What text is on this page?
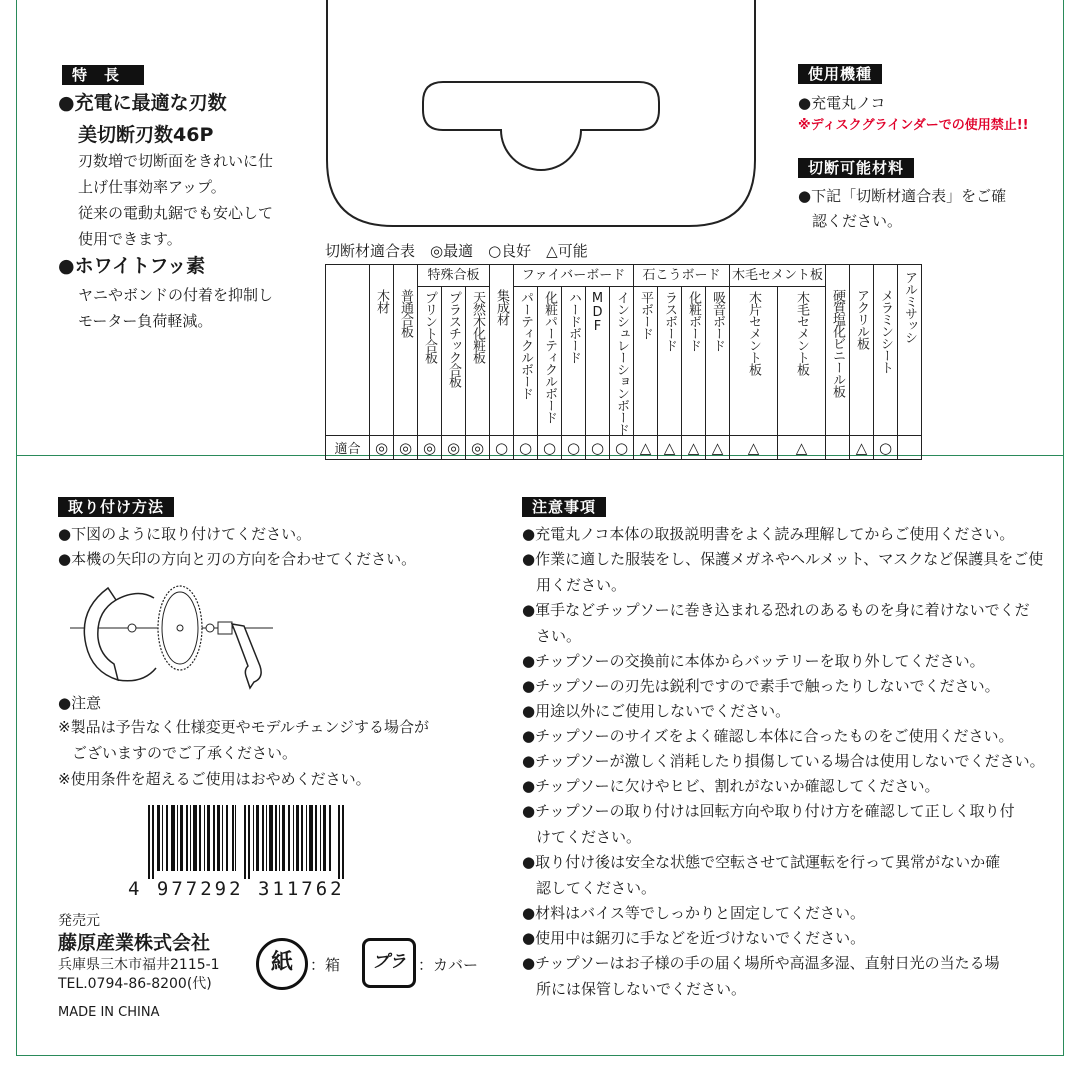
特　長
●充電に最適な刃数
美切断刃数46P
刃数増で切断面をきれいに仕
上げ仕事効率アップ。
従来の電動丸鋸でも安心して
使用できます。
●ホワイトフッ素
ヤニやボンドの付着を抑制し
モーター負荷軽減。
使用機種
●充電丸ノコ
※ディスクグラインダーでの使用禁止!!
切断可能材料
●下記「切断材適合表」をご確
認ください。
切断材適合表　◎最適　○良好　△可能

	木材	普通合板	特殊合板			集成材	ファイバーボード					石こうボード				木毛セメント板		硬質塩化ビニール板	アクリル板	メラミンシート	アルミサッシ

			プリント合板	プラスチック合板	天然木化粧板		パーティクルボード	化粧パーティクルボード	ハードボード	MDF	インシュレーションボード	平ボード	ラスボード	化粧ボード	吸音ボード	木片セメント板	木毛セメント板				

適合	◎	◎	◎	◎	◎	○	○	○	○	○	○	△	△	△	△	△	△		△	○	
取り付け方法
●下図のように取り付けてください。
●本機の矢印の方向と刃の方向を合わせてください。
●注意
※製品は予告なく仕様変更やモデルチェンジする場合が
ございますのでご了承ください。
※使用条件を超えるご使用はおやめください。
4 977292 311762
発売元
藤原産業株式会社
兵庫県三木市福井2115-1
TEL.0794-86-8200(代)
MADE IN CHINA
紙	：箱	プラ ：カバー
注意事項
●充電丸ノコ本体の取扱説明書をよく読み理解してからご使用ください。
●作業に適した服装をし、保護メガネやヘルメット、マスクなど保護具をご使
用ください。
●軍手などチップソーに巻き込まれる恐れのあるものを身に着けないでくだ
さい。
●チップソーの交換前に本体からバッテリーを取り外してください。
●チップソーの刃先は鋭利ですので素手で触ったりしないでください。
●用途以外にご使用しないでください。
●チップソーのサイズをよく確認し本体に合ったものをご使用ください。
●チップソーが激しく消耗したり損傷している場合は使用しないでください。
●チップソーに欠けやヒビ、割れがないか確認してください。
●チップソーの取り付けは回転方向や取り付け方を確認して正しく取り付
けてください。
●取り付け後は安全な状態で空転させて試運転を行って異常がないか確
認してください。
●材料はバイス等でしっかりと固定してください。
●使用中は鋸刃に手などを近づけないでください。
●チップソーはお子様の手の届く場所や高温多湿、直射日光の当たる場
所には保管しないでください。
